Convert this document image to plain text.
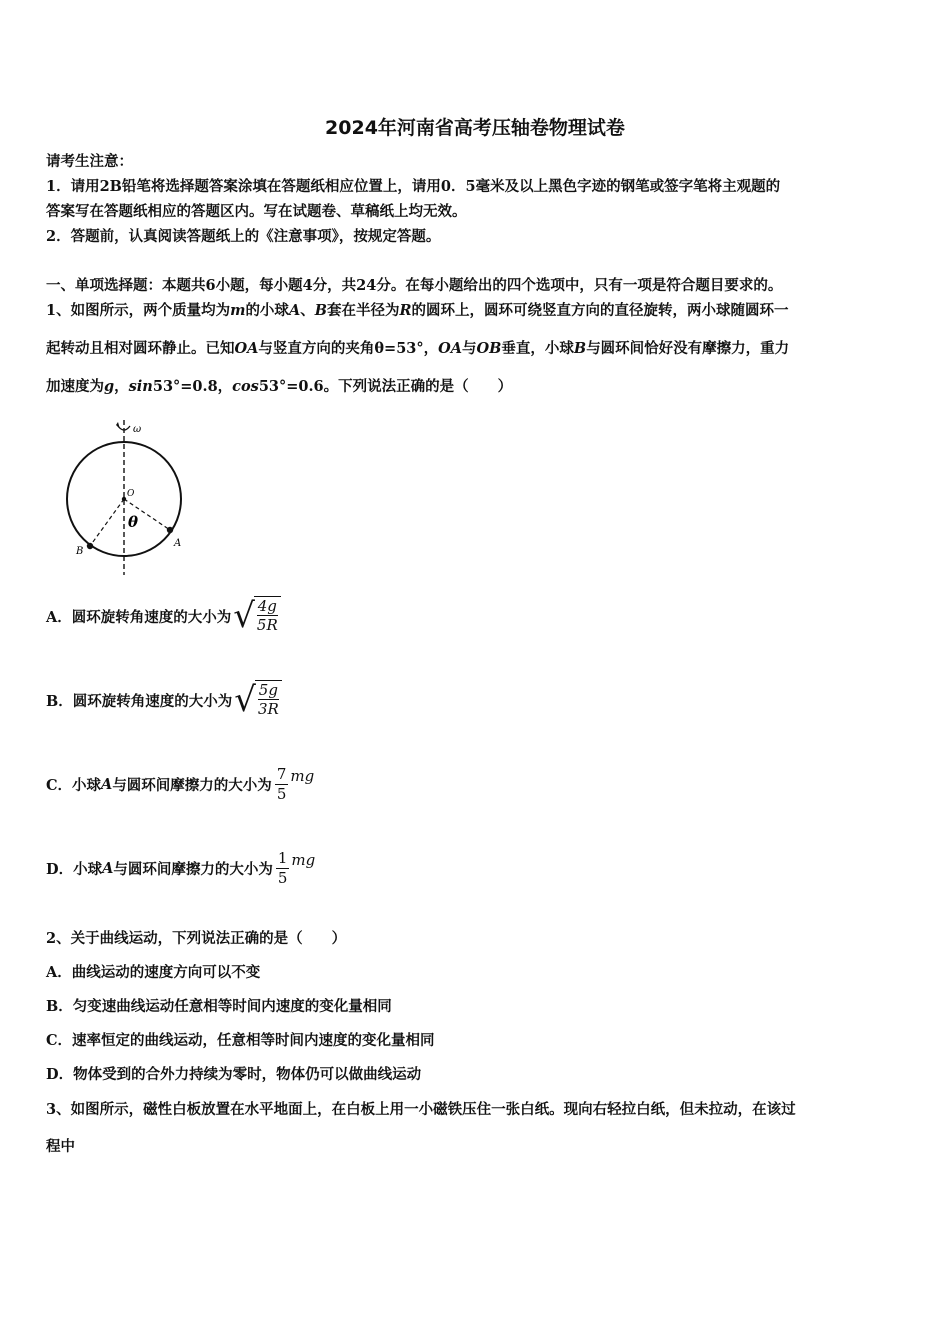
2024年河南省高考压轴卷物理试卷
请考生注意：
1．请用2B铅笔将选择题答案涂填在答题纸相应位置上，请用0．5毫米及以上黑色字迹的钢笔或签字笔将主观题的
答案写在答题纸相应的答题区内。写在试题卷、草稿纸上均无效。
2．答题前，认真阅读答题纸上的《注意事项》，按规定答题。
一、单项选择题：本题共6小题，每小题4分，共24分。在每小题给出的四个选项中，只有一项是符合题目要求的。
1、如图所示，两个质量均为m的小球A、B套在半径为R的圆环上，圆环可绕竖直方向的直径旋转，两小球随圆环一
起转动且相对圆环静止。已知OA与竖直方向的夹角θ=53°，OA与OB垂直，小球B与圆环间恰好没有摩擦力，重力
加速度为g，sin53°=0.8，cos53°=0.6。下列说法正确的是（　　）
ω
O
θ
A
B
A．圆环旋转角速度的大小为 √ $\frac{4g}{5R}$
B．圆环旋转角速度的大小为 √ $\frac{5g}{3R}$
C．小球 A 与圆环间摩擦力的大小为 $\frac{7}{5}$ mg
D．小球 A 与圆环间摩擦力的大小为 $\frac{1}{5}$ mg
2、关于曲线运动，下列说法正确的是（　　）
A．曲线运动的速度方向可以不变
B．匀变速曲线运动任意相等时间内速度的变化量相同
C．速率恒定的曲线运动，任意相等时间内速度的变化量相同
D．物体受到的合外力持续为零时，物体仍可以做曲线运动
3、如图所示，磁性白板放置在水平地面上，在白板上用一小磁铁压住一张白纸。现向右轻拉白纸，但未拉动，在该过
程中
